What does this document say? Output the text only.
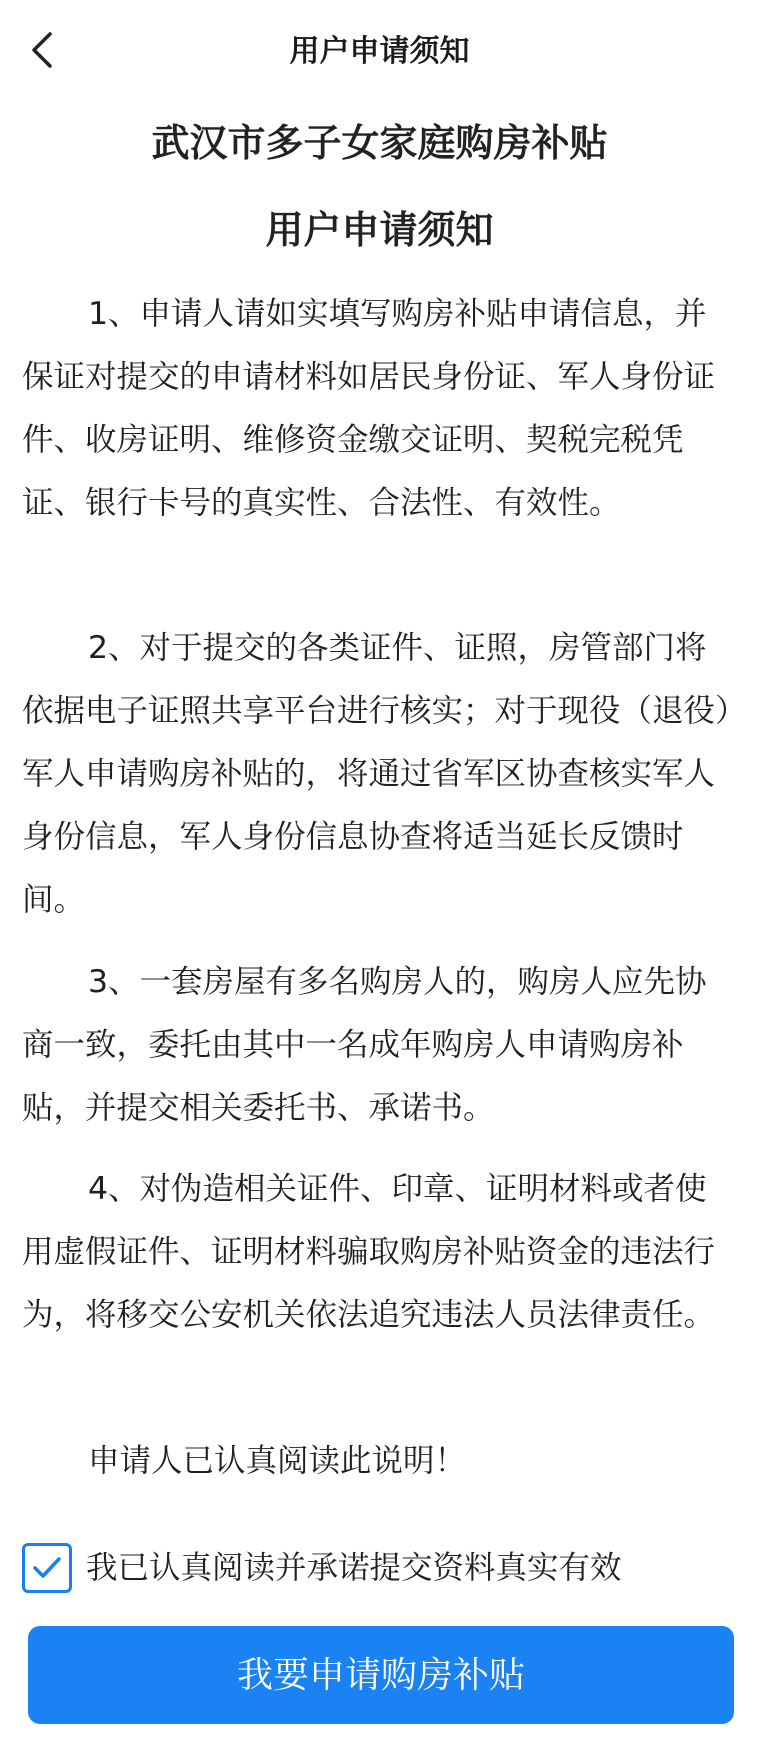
用户申请须知
武汉市多子女家庭购房补贴
用户申请须知

1、申请人请如实填写购房补贴申请信息，并保证对提交的申请材料如居民身份证、军人身份证件、收房证明、维修资金缴交证明、契税完税凭证、银行卡号的真实性、合法性、有效性。

2、对于提交的各类证件、证照，房管部门将依据电子证照共享平台进行核实；对于现役（退役）军人申请购房补贴的，将通过省军区协查核实军人身份信息，军人身份信息协查将适当延长反馈时间。

3、一套房屋有多名购房人的，购房人应先协商一致，委托由其中一名成年购房人申请购房补贴，并提交相关委托书、承诺书。

4、对伪造相关证件、印章、证明材料或者使用虚假证件、证明材料骗取购房补贴资金的违法行为，将移交公安机关依法追究违法人员法律责任。

申请人已认真阅读此说明！

我已认真阅读并承诺提交资料真实有效
我要申请购房补贴
